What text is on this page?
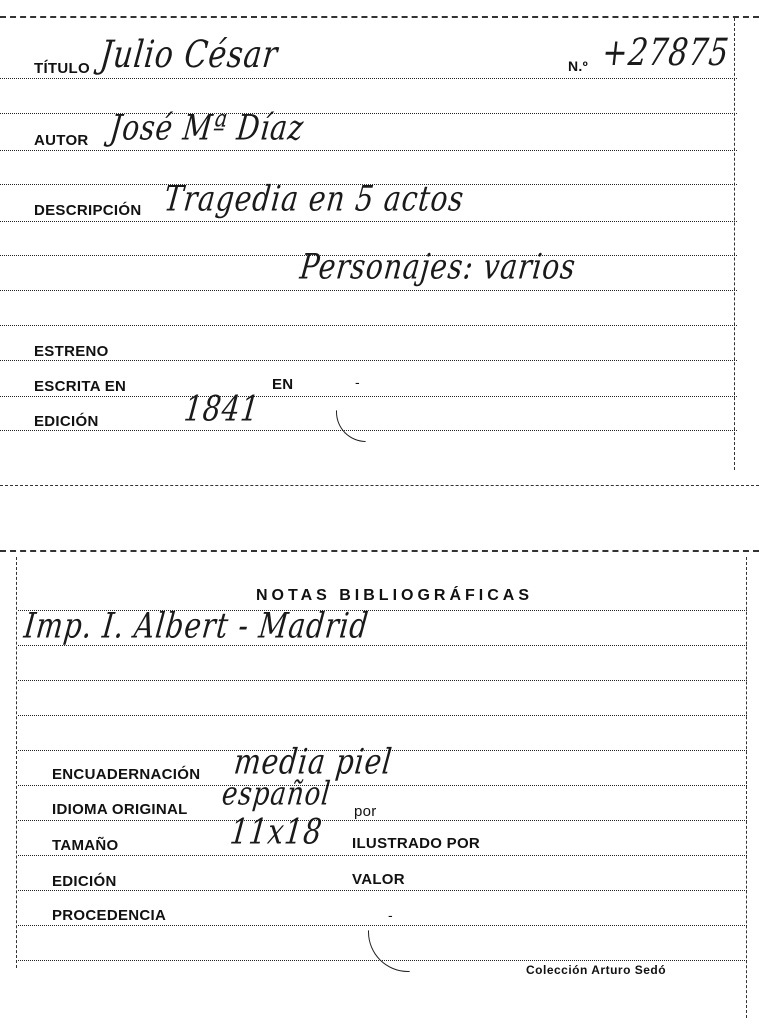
TÍTULO Julio César	N.º +27875
AUTOR José Mª Díaz
DESCRIPCIÓN Tragedia en 5 actos
Personajes: varios
ESTRENO
ESCRITA EN	EN	-
EDICIÓN	1841
NOTAS BIBLIOGRÁFICAS
Imp. I. Albert - Madrid
ENCUADERNACIÓN media piel
IDIOMA ORIGINAL español por
TAMAÑO	11x18 ILUSTRADO POR
EDICIÓN	VALOR
PROCEDENCIA	-
Colección Arturo Sedó
